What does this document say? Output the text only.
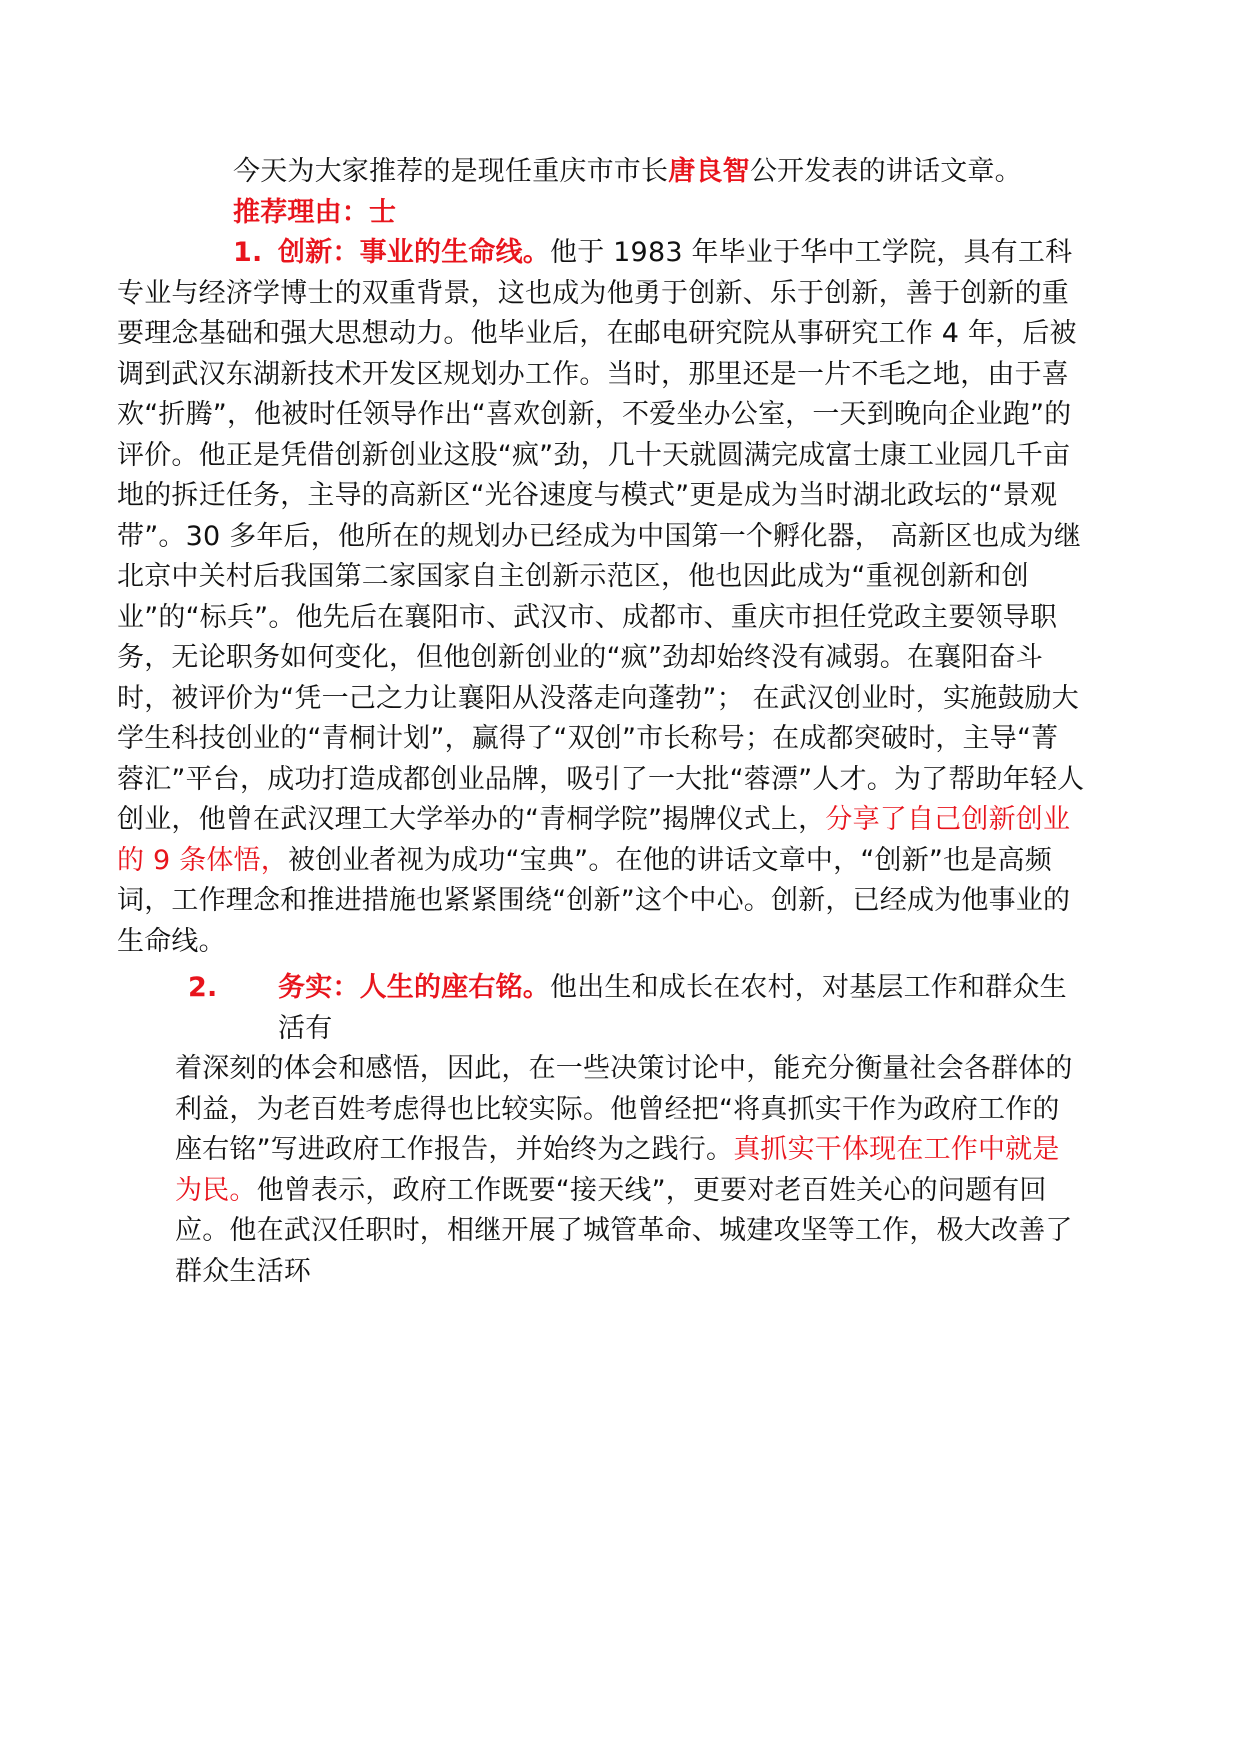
今天为大家推荐的是现任重庆市市长唐良智公开发表的讲话文章。

推荐理由：士

1. 创新：事业的生命线。他于 1983 年毕业于华中工学院，具有工科专业与经济学博士的双重背景，这也成为他勇于创新、乐于创新，善于创新的重要理念基础和强大思想动力。他毕业后，在邮电研究院从事研究工作 4 年，后被调到武汉东湖新技术开发区规划办工作。当时，那里还是一片不毛之地，由于喜欢“折腾”，他被时任领导作出“喜欢创新，不爱坐办公室，一天到晚向企业跑”的评价。他正是凭借创新创业这股“疯”劲，几十天就圆满完成富士康工业园几千亩地的拆迁任务，主导的高新区“光谷速度与模式”更是成为当时湖北政坛的“景观带”。30 多年后，他所在的规划办已经成为中国第一个孵化器， 高新区也成为继北京中关村后我国第二家国家自主创新示范区，他也因此成为“重视创新和创业”的“标兵”。他先后在襄阳市、武汉市、成都市、重庆市担任党政主要领导职务，无论职务如何变化，但他创新创业的“疯”劲却始终没有减弱。在襄阳奋斗时，被评价为“凭一己之力让襄阳从没落走向蓬勃”； 在武汉创业时，实施鼓励大学生科技创业的“青桐计划”，赢得了“双创”市长称号；在成都突破时，主导“菁蓉汇”平台，成功打造成都创业品牌，吸引了一大批“蓉漂”人才。为了帮助年轻人创业，他曾在武汉理工大学举办的“青桐学院”揭牌仪式上，分享了自己创新创业的 9 条体悟，被创业者视为成功“宝典”。在他的讲话文章中，“创新”也是高频词，工作理念和推进措施也紧紧围绕“创新”这个中心。创新，已经成为他事业的生命线。

2. 务实：人生的座右铭。他出生和成长在农村，对基层工作和群众生活有

着深刻的体会和感悟，因此，在一些决策讨论中，能充分衡量社会各群体的利益，为老百姓考虑得也比较实际。他曾经把“将真抓实干作为政府工作的座右铭”写进政府工作报告，并始终为之践行。真抓实干体现在工作中就是为民。他曾表示，政府工作既要“接天线”，更要对老百姓关心的问题有回应。他在武汉任职时，相继开展了城管革命、城建攻坚等工作，极大改善了群众生活环
